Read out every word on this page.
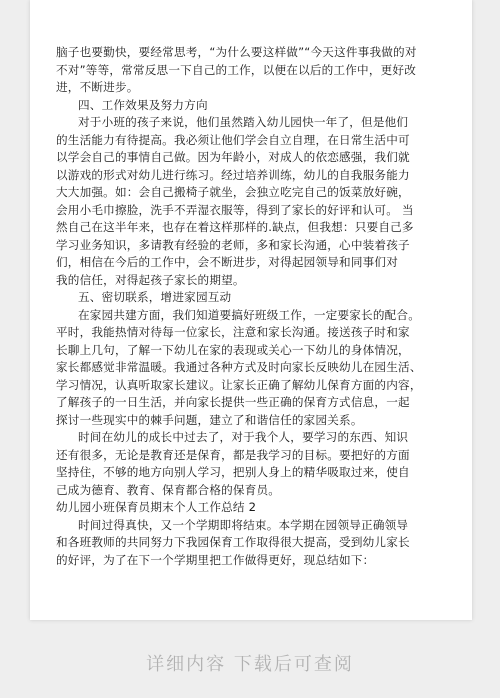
脑子也要勤快，要经常思考，“为什么要这样做”“今天这件事我做的对

不对”等等，常常反思一下自己的工作，以便在以后的工作中，更好改

进，不断进步。

四、工作效果及努力方向

对于小班的孩子来说，他们虽然踏入幼儿园快一年了，但是他们

的生活能力有待提高。我必须让他们学会自立自理，在日常生活中可

以学会自己的事情自己做。因为年龄小，对成人的依恋感强，我们就

以游戏的形式对幼儿进行练习。经过培养训练，幼儿的自我服务能力

大大加强。如：会自己搬椅子就坐，会独立吃完自己的饭菜放好碗，

会用小毛巾擦脸，洗手不弄湿衣服等，得到了家长的好评和认可。 当

然自己在这半年来，也存在着这样那样的.缺点，但我想：只要自己多

学习业务知识，多请教有经验的老师，多和家长沟通，心中装着孩子

们，相信在今后的工作中，会不断进步，对得起园领导和同事们对

我的信任，对得起孩子家长的期望。

五、密切联系，增进家园互动

在家园共建方面，我们知道要搞好班级工作，一定要家长的配合。

平时，我能热情对待每一位家长，注意和家长沟通。接送孩子时和家

长聊上几句，了解一下幼儿在家的表现或关心一下幼儿的身体情况，

家长都感觉非常温暖。我通过各种方式及时向家长反映幼儿在园生活、

学习情况，认真听取家长建议。让家长正确了解幼儿保育方面的内容，

了解孩子的一日生活，并向家长提供一些正确的保育方式信息，一起

探讨一些现实中的棘手问题，建立了和谐信任的家园关系。

时间在幼儿的成长中过去了，对于我个人，要学习的东西、知识

还有很多，无论是教育还是保育，都是我学习的目标。要把好的方面

坚持住，不够的地方向别人学习，把别人身上的精华吸取过来，使自

己成为德育、教育、保育都合格的保育员。

幼儿园小班保育员期末个人工作总结 2

时间过得真快，又一个学期即将结束。本学期在园领导正确领导

和各班教师的共同努力下我园保育工作取得很大提高，受到幼儿家长

的好评，为了在下一个学期里把工作做得更好，现总结如下：

详细内容 下载后可查阅
